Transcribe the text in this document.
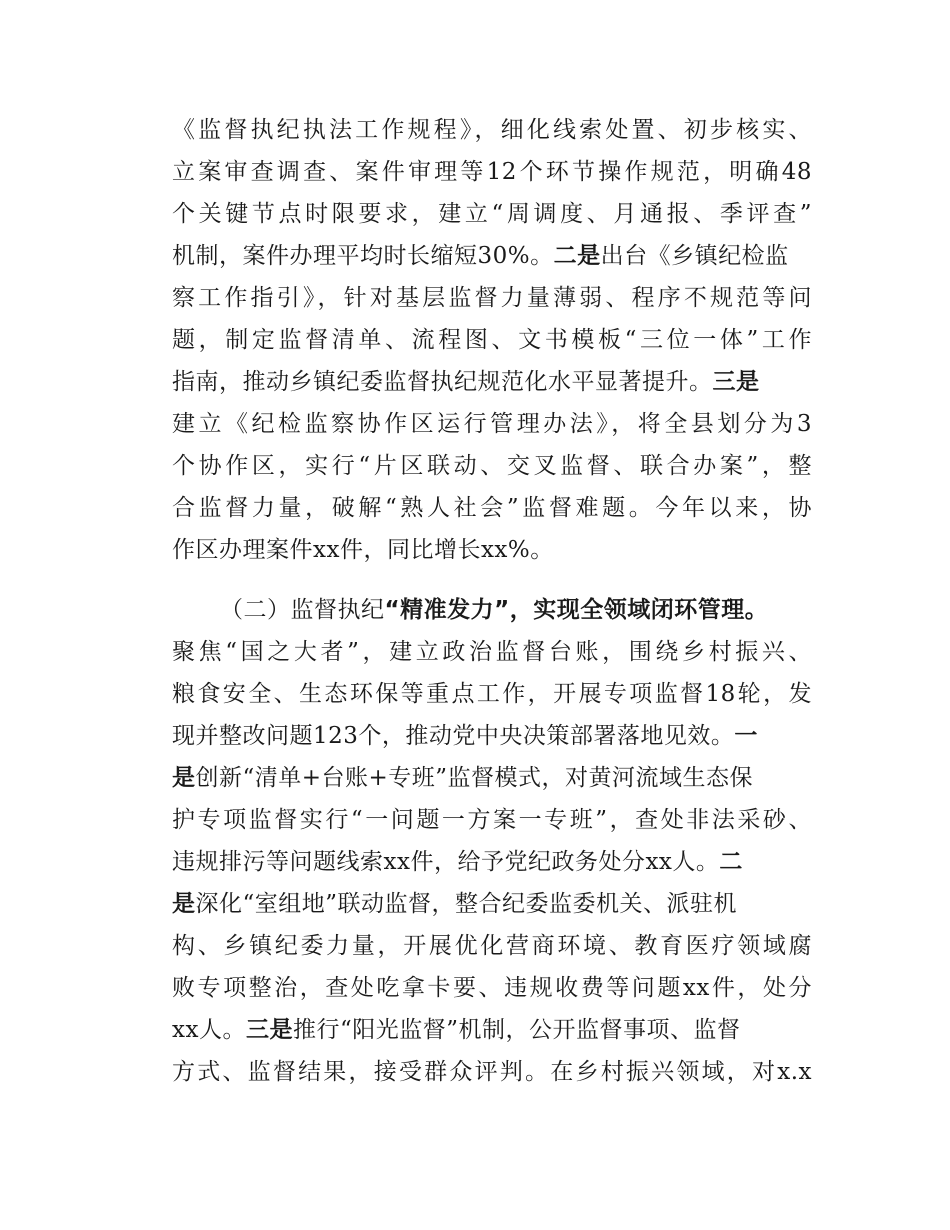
《监督执纪执法工作规程》，细化线索处置、初步核实、
立案审查调查、案件审理等12个环节操作规范，明确48
个关键节点时限要求，建立“周调度、月通报、季评查”
机制，案件办理平均时长缩短30%。二是出台《乡镇纪检监
察工作指引》，针对基层监督力量薄弱、程序不规范等问
题，制定监督清单、流程图、文书模板“三位一体”工作
指南，推动乡镇纪委监督执纪规范化水平显著提升。三是
建立《纪检监察协作区运行管理办法》，将全县划分为3
个协作区，实行“片区联动、交叉监督、联合办案”，整
合监督力量，破解“熟人社会”监督难题。今年以来，协
作区办理案件xx件，同比增长xx%。
（二）监督执纪“精准发力”，实现全领域闭环管理。
聚焦“国之大者”，建立政治监督台账，围绕乡村振兴、
粮食安全、生态环保等重点工作，开展专项监督18轮，发
现并整改问题123个，推动党中央决策部署落地见效。一
是创新“清单+台账+专班”监督模式，对黄河流域生态保
护专项监督实行“一问题一方案一专班”，查处非法采砂、
违规排污等问题线索xx件，给予党纪政务处分xx人。二
是深化“室组地”联动监督，整合纪委监委机关、派驻机
构、乡镇纪委力量，开展优化营商环境、教育医疗领域腐
败专项整治，查处吃拿卡要、违规收费等问题xx件，处分
xx人。三是推行“阳光监督”机制，公开监督事项、监督
方式、监督结果，接受群众评判。在乡村振兴领域，对x.x
